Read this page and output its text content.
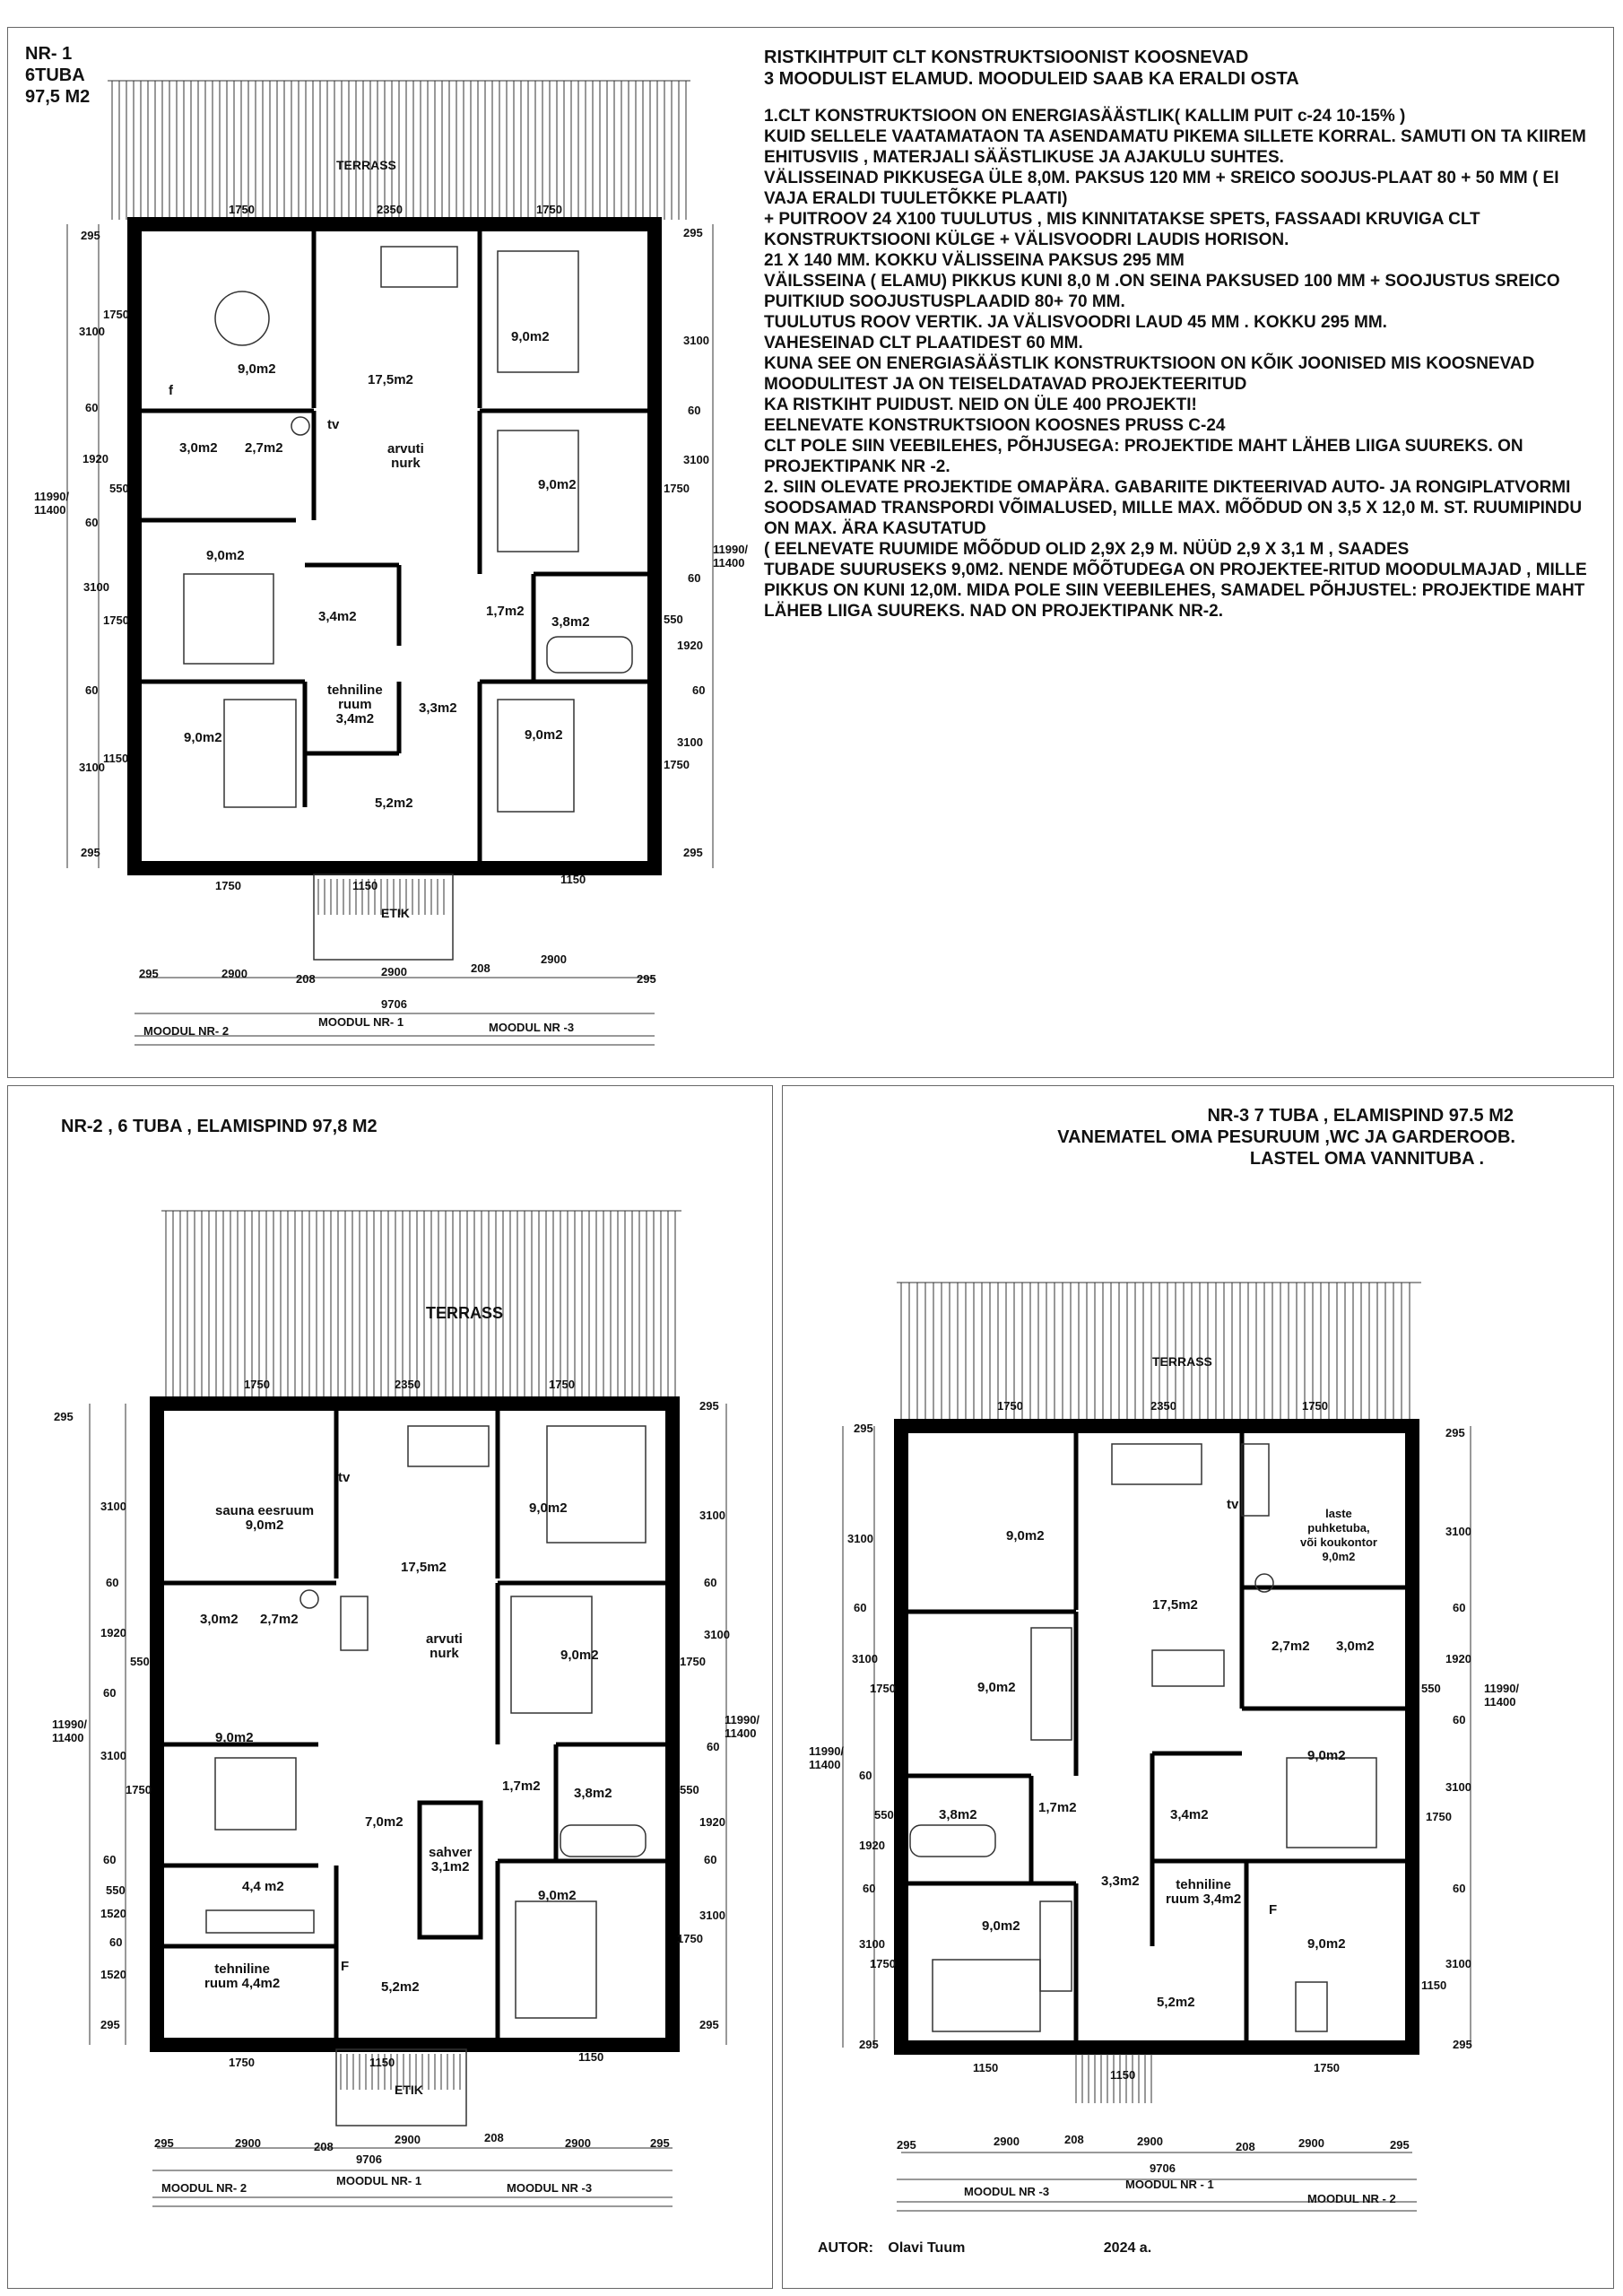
NR- 1
6TUBA
97,5 M2
TERRASS
ETIK
9,0m2
17,5m2
9,0m2
f
3,0m2 2,7m2
tv
arvuti
nurk
9,0m2
9,0m2
3,4m2	1,7m2
3,8m2
tehniline
ruum
3,4m2
3,3m2
9,0m2	9,0m2
5,2m2
1750	2350	1750
1750	1150	1150
295
3100
1750
60
1920
550
11990/
11400
60
3100
1750
60
3100
1150
295
295
3100
60
3100
1750
11990/
11400
60
550
1920
60
3100
1750
295
295	2900	208
2900	208
2900
295
9706
MOODUL NR- 2
MOODUL NR- 1	MOODUL NR -3
RISTKIHTPUIT CLT KONSTRUKTSIOONIST KOOSNEVAD
3 MOODULIST ELAMUD. MOODULEID SAAB KA ERALDI OSTA
1.CLT KONSTRUKTSIOON ON ENERGIASÄÄSTLIK( KALLIM PUIT c-24 10-15% )
KUID SELLELE VAATAMATAON TA ASENDAMATU PIKEMA SILLETE KORRAL. SAMUTI ON TA KIIREM EHITUSVIIS , MATERJALI SÄÄSTLIKUSE JA AJAKULU SUHTES.
VÄLISSEINAD PIKKUSEGA ÜLE 8,0M. PAKSUS 120 MM + SREICO SOOJUS-PLAAT 80 + 50 MM ( EI VAJA ERALDI TUULETÕKKE PLAATI)
+ PUITROOV 24 X100 TUULUTUS , MIS KINNITATAKSE SPETS, FASSAADI KRUVIGA CLT KONSTRUKTSIOONI KÜLGE + VÄLISVOODRI LAUDIS HORISON.
21 X 140 MM. KOKKU VÄLISSEINA PAKSUS 295 MM
VÄILSSEINA ( ELAMU) PIKKUS KUNI 8,0 M .ON SEINA PAKSUSED 100 MM + SOOJUSTUS SREICO PUITKIUD SOOJUSTUSPLAADID 80+ 70 MM.
TUULUTUS ROOV VERTIK. JA VÄLISVOODRI LAUD 45 MM . KOKKU 295 MM.
VAHESEINAD CLT PLAATIDEST 60 MM.
KUNA SEE ON ENERGIASÄÄSTLIK KONSTRUKTSIOON ON KÕIK JOONISED MIS KOOSNEVAD MOODULITEST JA ON TEISELDATAVAD PROJEKTEERITUD
KA RISTKIHT PUIDUST. NEID ON ÜLE 400 PROJEKTI!
EELNEVATE KONSTRUKTSIOON KOOSNES PRUSS C-24
CLT POLE SIIN VEEBILEHES, PÕHJUSEGA: PROJEKTIDE MAHT LÄHEB LIIGA SUUREKS. ON PROJEKTIPANK NR -2.
2. SIIN OLEVATE PROJEKTIDE OMAPÄRA. GABARIITE DIKTEERIVAD AUTO- JA RONGIPLATVORMI SOODSAMAD TRANSPORDI VÕIMALUSED, MILLE MAX. MÕÕDUD ON 3,5 X 12,0 M. ST. RUUMIPINDU ON MAX. ÄRA KASUTATUD
( EELNEVATE RUUMIDE MÕÕDUD OLID 2,9X 2,9 M. NÜÜD 2,9 X 3,1 M , SAADES
TUBADE SUURUSEKS 9,0M2. NENDE MÕÕTUDEGA ON PROJEKTEE-RITUD MOODULMAJAD , MILLE PIKKUS ON KUNI 12,0M. MIDA POLE SIIN VEEBILEHES, SAMADEL PÕHJUSTEL: PROJEKTIDE MAHT LÄHEB LIIGA SUUREKS. NAD ON PROJEKTIPANK NR-2.
NR-2 , 6 TUBA , ELAMISPIND 97,8 M2
TERRASS
ETIK
sauna eesruum
9,0m2
tv
17,5m2
9,0m2
3,0m2 2,7m2
arvuti
nurk	9,0m2
9,0m2
7,0m2
1,7m2 3,8m2
sahver
3,1m2
4,4 m2
9,0m2
tehniline
ruum 4,4m2
F
5,2m2
1750	2350	1750
1750	1150	1150
295
3100
60
1920
550
60
11990/
11400
3100
1750
60
550
1520
60
1520
295
295
3100
60
3100
1750
11990/
11400
60
550
1920
60
3100
1750
295
295	2900	208
2900	208	2900	295
9706
MOODUL NR- 2
MOODUL NR- 1
MOODUL NR -3
NR-3 7 TUBA , ELAMISPIND 97.5 M2
VANEMATEL OMA PESURUUM ,WC JA GARDEROOB.
LASTEL OMA VANNITUBA .
TERRASS
9,0m2
tv
laste
puhketuba,
või koukontor
9,0m2
17,5m2
2,7m2 3,0m2
9,0m2
9,0m2
3,8m2	1,7m2	3,4m2
3,3m2	tehniline
ruum 3,4m2
F
9,0m2
9,0m2
5,2m2
1750	2350	1750
1150
1150
1750
295
3100
60
3100
1750
11990/
11400
60
550
1920
60
3100
1750
295
295
3100
60
1920
550	11990/
11400
60
3100
1750
60
3100
1150
295
295	2900	208	2900	208	2900	295
9706
MOODUL NR -3
MOODUL NR - 1
MOODUL NR - 2
AUTOR: Olavi Tuum	2024 a.
